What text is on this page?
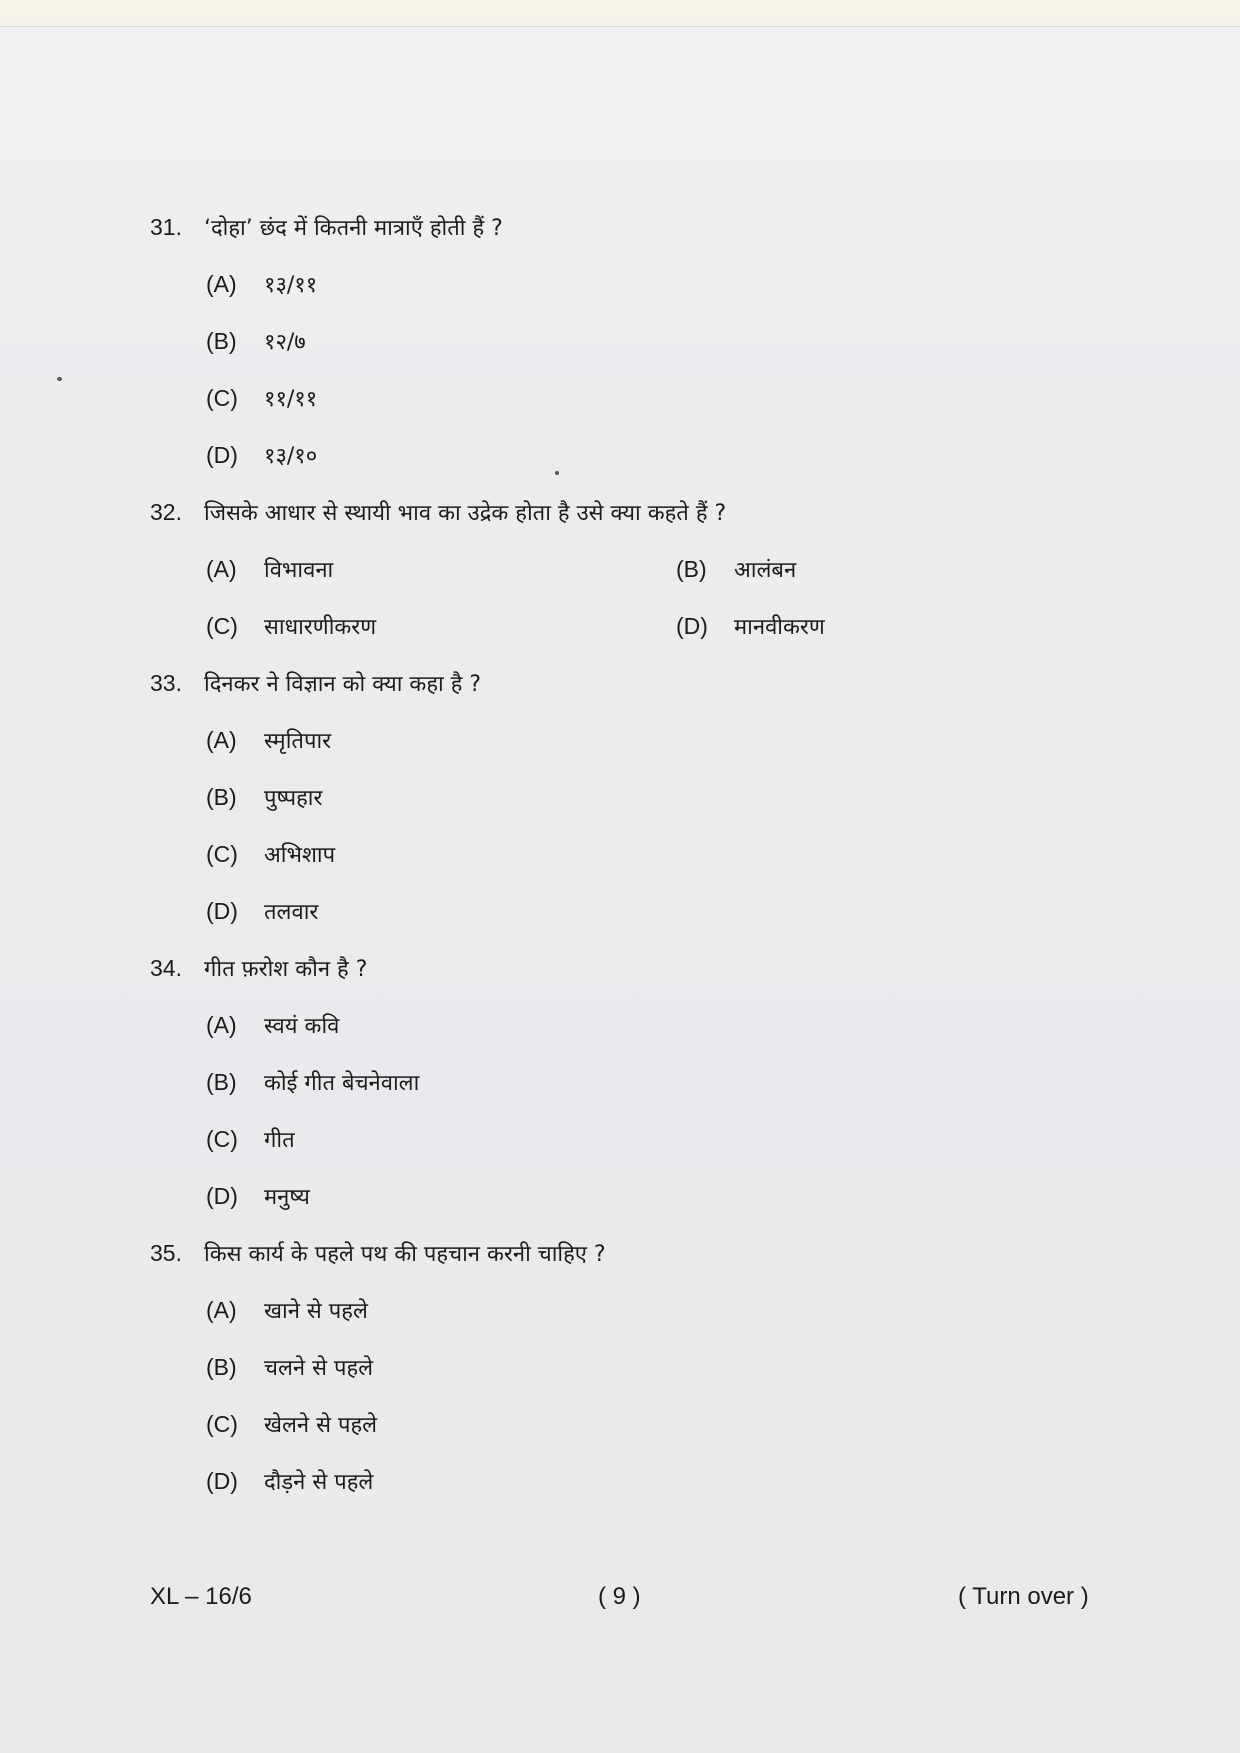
31.	‘दोहा’ छंद में कितनी मात्राएँ होती हैं ?
(A)	१३/११
(B)	१२/७
(C)	११/११
(D)	१३/१०
32.	जिसके आधार से स्थायी भाव का उद्रेक होता है उसे क्या कहते हैं ?
(A)	विभावना	(B)	आलंबन
(C)	साधारणीकरण	(D)	मानवीकरण
33.	दिनकर ने विज्ञान को क्या कहा है ?
(A)	स्मृतिपार
(B)	पुष्पहार
(C)	अभिशाप
(D)	तलवार
34.	गीत फ़रोश कौन है ?
(A)	स्वयं कवि
(B)	कोई गीत बेचनेवाला
(C)	गीत
(D)	मनुष्य
35.	किस कार्य के पहले पथ की पहचान करनी चाहिए ?
(A)	खाने से पहले
(B)	चलने से पहले
(C)	खेलने से पहले
(D)	दौड़ने से पहले
XL – 16/6	( 9 )	( Turn over )
